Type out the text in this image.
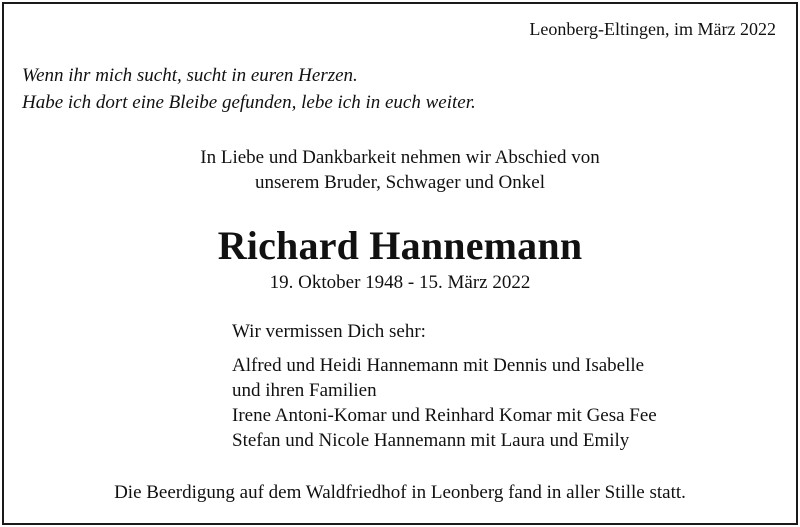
Leonberg-Eltingen, im März 2022

Wenn ihr mich sucht, sucht in euren Herzen.

Habe ich dort eine Bleibe gefunden, lebe ich in euch weiter.

In Liebe und Dankbarkeit nehmen wir Abschied von

unserem Bruder, Schwager und Onkel

Richard Hannemann

19. Oktober 1948 - 15. März 2022

Wir vermissen Dich sehr:

Alfred und Heidi Hannemann mit Dennis und Isabelle

und ihren Familien

Irene Antoni-Komar und Reinhard Komar mit Gesa Fee

Stefan und Nicole Hannemann mit Laura und Emily

Die Beerdigung auf dem Waldfriedhof in Leonberg fand in aller Stille statt.
